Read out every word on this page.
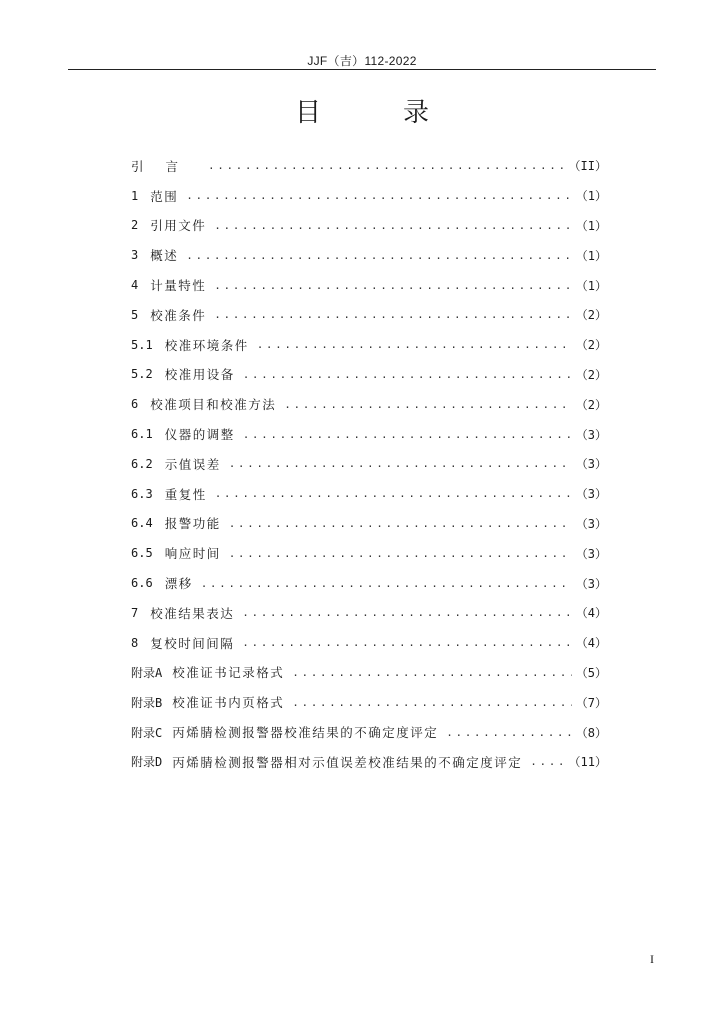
JJF（吉）112-2022
目　录
引言 .....	（II）
1 范围 .....	（1）
2 引用文件 .....	（1）
3 概述 .....	（1）
4 计量特性 .....	（1）
5 校准条件 .....	（2）
5.1 校准环境条件 .....	（2）
5.2 校准用设备 .....	（2）
6 校准项目和校准方法 .....	（2）
6.1 仪器的调整 .....	（3）
6.2 示值误差 .....	（3）
6.3 重复性 .....	（3）
6.4 报警功能 .....	（3）
6.5 响应时间 .....	（3）
6.6 漂移 .....	（3）
7 校准结果表达 .....	（4）
8 复校时间间隔 .....	（4）
附录A 校准证书记录格式 .....	（5）
附录B 校准证书内页格式 .....	（7）
附录C 丙烯腈检测报警器校准结果的不确定度评定 .....	（8）
附录D 丙烯腈检测报警器相对示值误差校准结果的不确定度评定 .....	（11）
I
